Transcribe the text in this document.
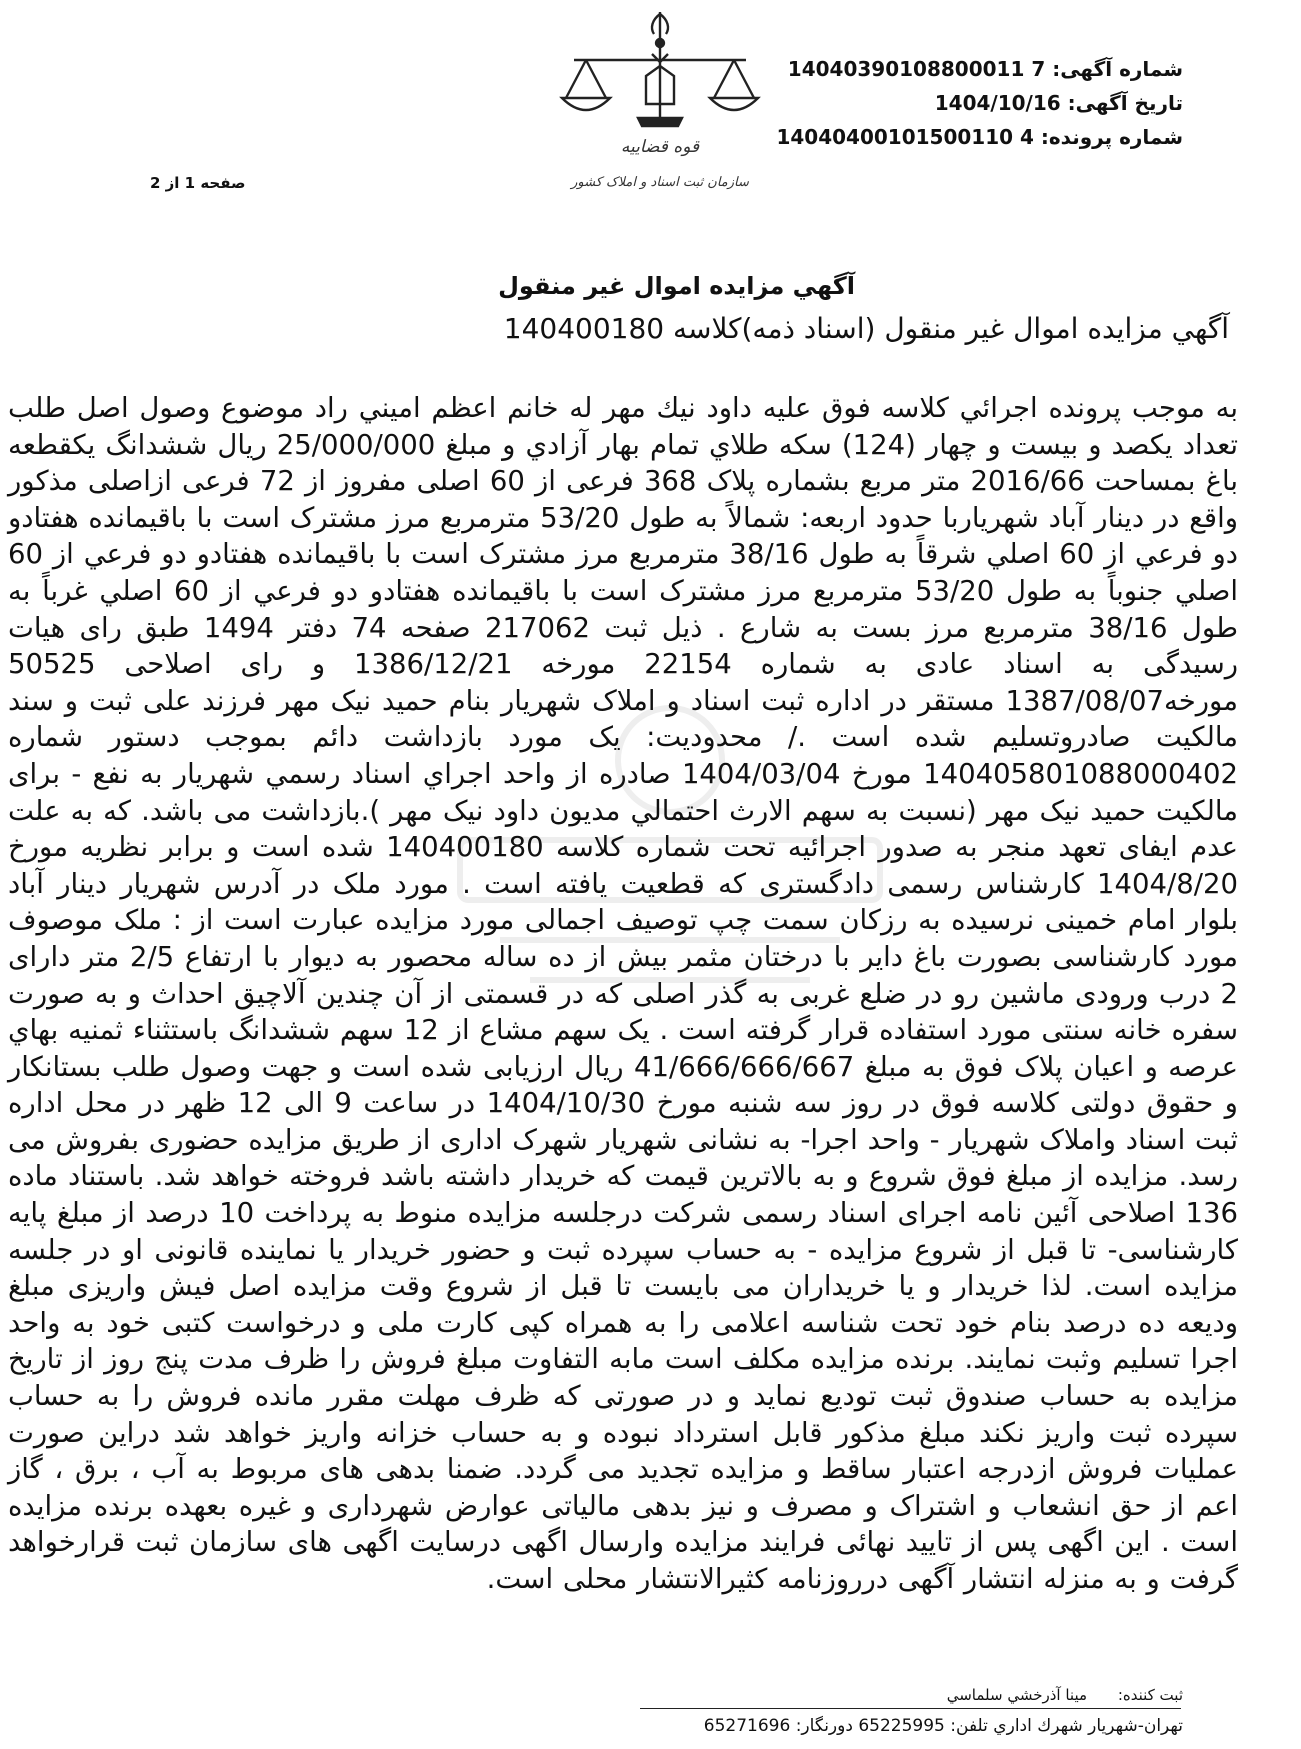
شماره آگهی: 14040390108800011 7
تاریخ آگهی: 1404/10/16
شماره پرونده: 14040400101500110 4
قوه قضاییه
سازمان ثبت اسناد و املاک کشور
صفحه 1 از 2
آگهي مزايده اموال غير منقول
آگهي مزايده اموال غير منقول (اسناد ذمه)كلاسه 140400180
به موجب پرونده اجرائي كلاسه فوق عليه داود نيك مهر له خانم اعظم اميني راد موضوع وصول اصل طلب تعداد يكصد و بيست و چهار (124) سكه طلاي تمام بهار آزادي و مبلغ 25/000/000 ريال ششدانگ يكقطعه باغ بمساحت 2016/66 متر مربع بشماره پلاک 368 فرعی از 60 اصلی مفروز از 72 فرعی ازاصلی مذکور واقع در دينار آباد شهرياربا حدود اربعه: شمالاً به طول 53/20 مترمربع مرز مشترک است با باقيمانده هفتادو دو فرعي از 60 اصلي شرقاً به طول 38/16 مترمربع مرز مشترک است با باقيمانده هفتادو دو فرعي از 60 اصلي جنوباً به طول 53/20 مترمربع مرز مشترک است با باقيمانده هفتادو دو فرعي از 60 اصلي غرباً به طول 38/16 مترمربع مرز بست به شارع . ذیل ثبت 217062 صفحه 74 دفتر 1494 طبق رای هیات رسیدگی به اسناد عادی به شماره 22154 مورخه 1386/12/21 و رای اصلاحی 50525 مورخه1387/08/07 مستقر در اداره ثبت اسناد و املاک شهریار بنام حمید نیک مهر فرزند علی ثبت و سند مالکیت صادروتسلیم شده است ./ محدوديت: يک مورد بازداشت دائم بموجب دستور شماره 140405801088000402 مورخ 1404/03/04 صادره از واحد اجراي اسناد رسمي شهريار به نفع - برای مالکیت حمید نیک مهر (نسبت به سهم الارث احتمالي مديون داود نيک مهر ).بازداشت می باشد. که به علت عدم ایفای تعهد منجر به صدور اجرائیه تحت شماره کلاسه 140400180 شده است و برابر نظریه مورخ 1404/8/20 کارشناس رسمی دادگستری که قطعیت یافته است . مورد ملک در آدرس شهریار دینار آباد بلوار امام خمینی نرسیده به رزکان سمت چپ توصیف اجمالی مورد مزایده عبارت است از : ملک موصوف مورد کارشناسی بصورت باغ دایر با درختان مثمر بیش از ده ساله محصور به دیوار با ارتفاع 2/5 متر دارای 2 درب ورودی ماشین رو در ضلع غربی به گذر اصلی که در قسمتی از آن چندین آلاچیق احداث و به صورت سفره خانه سنتی مورد استفاده قرار گرفته است . یک سهم مشاع از 12 سهم ششدانگ باستثناء ثمنيه بهاي عرصه و اعيان پلاک فوق به مبلغ 41/666/666/667 ریال ارزیابی شده است و جهت وصول طلب بستانکار و حقوق دولتی کلاسه فوق در روز سه شنبه مورخ 1404/10/30 در ساعت 9 الی 12 ظهر در محل اداره ثبت اسناد واملاک شهریار - واحد اجرا- به نشانی شهریار شهرک اداری از طریق مزایده حضوری بفروش می رسد. مزایده از مبلغ فوق شروع و به بالاترین قیمت که خریدار داشته باشد فروخته خواهد شد. باستناد ماده 136 اصلاحی آئین نامه اجرای اسناد رسمی شرکت درجلسه مزایده منوط به پرداخت 10 درصد از مبلغ پایه کارشناسی- تا قبل از شروع مزایده - به حساب سپرده ثبت و حضور خریدار یا نماینده قانونی او در جلسه مزایده است. لذا خریدار و یا خریداران می بایست تا قبل از شروع وقت مزایده اصل فیش واریزی مبلغ ودیعه ده درصد بنام خود تحت شناسه اعلامی را به همراه کپی کارت ملی و درخواست کتبی خود به واحد اجرا تسلیم وثبت نمایند. برنده مزایده مکلف است مابه التفاوت مبلغ فروش را ظرف مدت پنج روز از تاریخ مزایده به حساب صندوق ثبت تودیع نماید و در صورتی که ظرف مهلت مقرر مانده فروش را به حساب سپرده ثبت واریز نکند مبلغ مذکور قابل استرداد نبوده و به حساب خزانه واریز خواهد شد دراین صورت عملیات فروش ازدرجه اعتبار ساقط و مزایده تجدید می گردد. ضمنا بدهی های مربوط به آب ، برق ، گاز اعم از حق انشعاب و اشتراک و مصرف و نیز بدهی مالیاتی عوارض شهرداری و غیره بعهده برنده مزایده است . این اگهی پس از تایید نهائی فرایند مزایده وارسال اگهی درسایت اگهی های سازمان ثبت قرارخواهد گرفت و به منزله انتشار آگهی درروزنامه کثيرالانتشار محلی است.
ثبت كننده: مينا آذرخشي سلماسي
تهران-شهريار شهرك اداري تلفن: 65225995 دورنگار: 65271696
